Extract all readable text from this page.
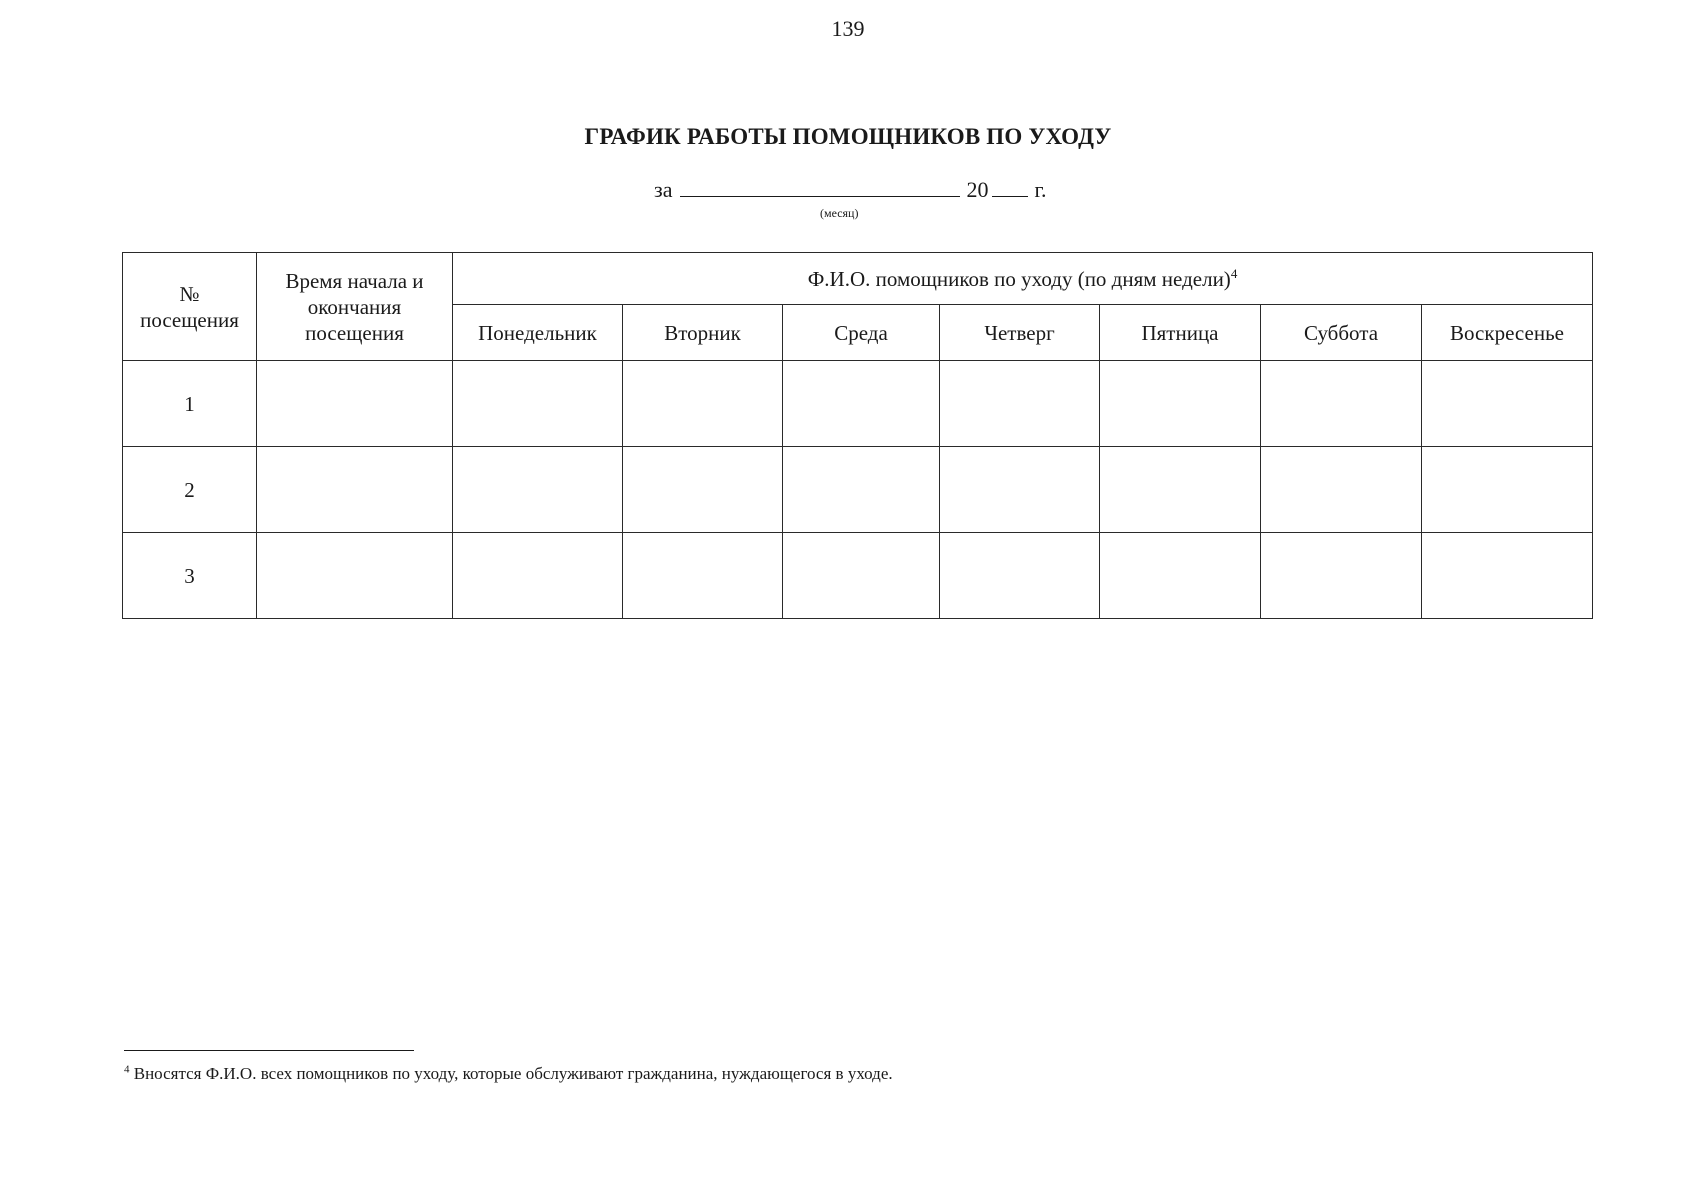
139
ГРАФИК РАБОТЫ ПОМОЩНИКОВ ПО УХОДУ
за	20 г.
(месяц)
№ посещения	Время начала и окончания посещения	Ф.И.О. помощников по уходу (по дням недели)$^4$
		Понедельник	Вторник	Среда	Четверг	Пятница	Суббота	Воскресенье
1								
2								
3								
$^4$ Вносятся Ф.И.О. всех помощников по уходу, которые обслуживают гражданина, нуждающегося в уходе.
